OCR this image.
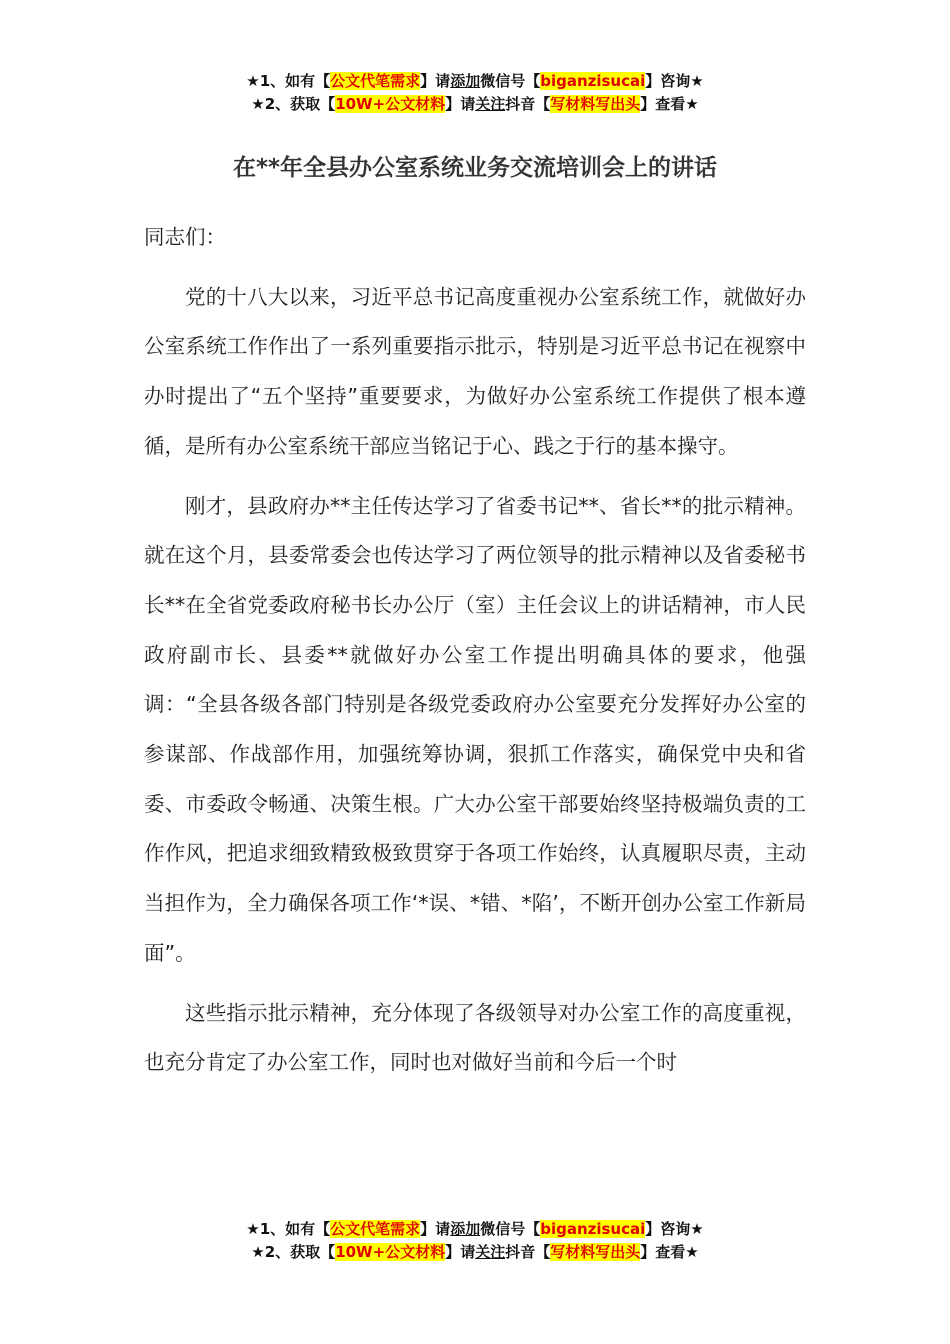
★1、如有【公文代笔需求】请添加微信号【biganzisucai】咨询★
★2、获取【10W+公文材料】请关注抖音【写材料写出头】查看★
在**年全县办公室系统业务交流培训会上的讲话

同志们：

党的十八大以来，习近平总书记高度重视办公室系统工作，就做好办公室系统工作作出了一系列重要指示批示，特别是习近平总书记在视察中办时提出了“五个坚持”重要要求，为做好办公室系统工作提供了根本遵循，是所有办公室系统干部应当铭记于心、践之于行的基本操守。

刚才，县政府办**主任传达学习了省委书记**、省长**的批示精神。就在这个月，县委常委会也传达学习了两位领导的批示精神以及省委秘书长**在全省党委政府秘书长办公厅（室）主任会议上的讲话精神，市人民政府副市长、县委**就做好办公室工作提出明确具体的要求，他强调：“全县各级各部门特别是各级党委政府办公室要充分发挥好办公室的参谋部、作战部作用，加强统筹协调，狠抓工作落实，确保党中央和省委、市委政令畅通、决策生根。广大办公室干部要始终坚持极端负责的工作作风，把追求细致精致极致贯穿于各项工作始终，认真履职尽责，主动当担作为，全力确保各项工作‘*误、*错、*陷’，不断开创办公室工作新局面”。

这些指示批示精神，充分体现了各级领导对办公室工作的高度重视，也充分肯定了办公室工作，同时也对做好当前和今后一个时

★1、如有【公文代笔需求】请添加微信号【biganzisucai】咨询★
★2、获取【10W+公文材料】请关注抖音【写材料写出头】查看★
